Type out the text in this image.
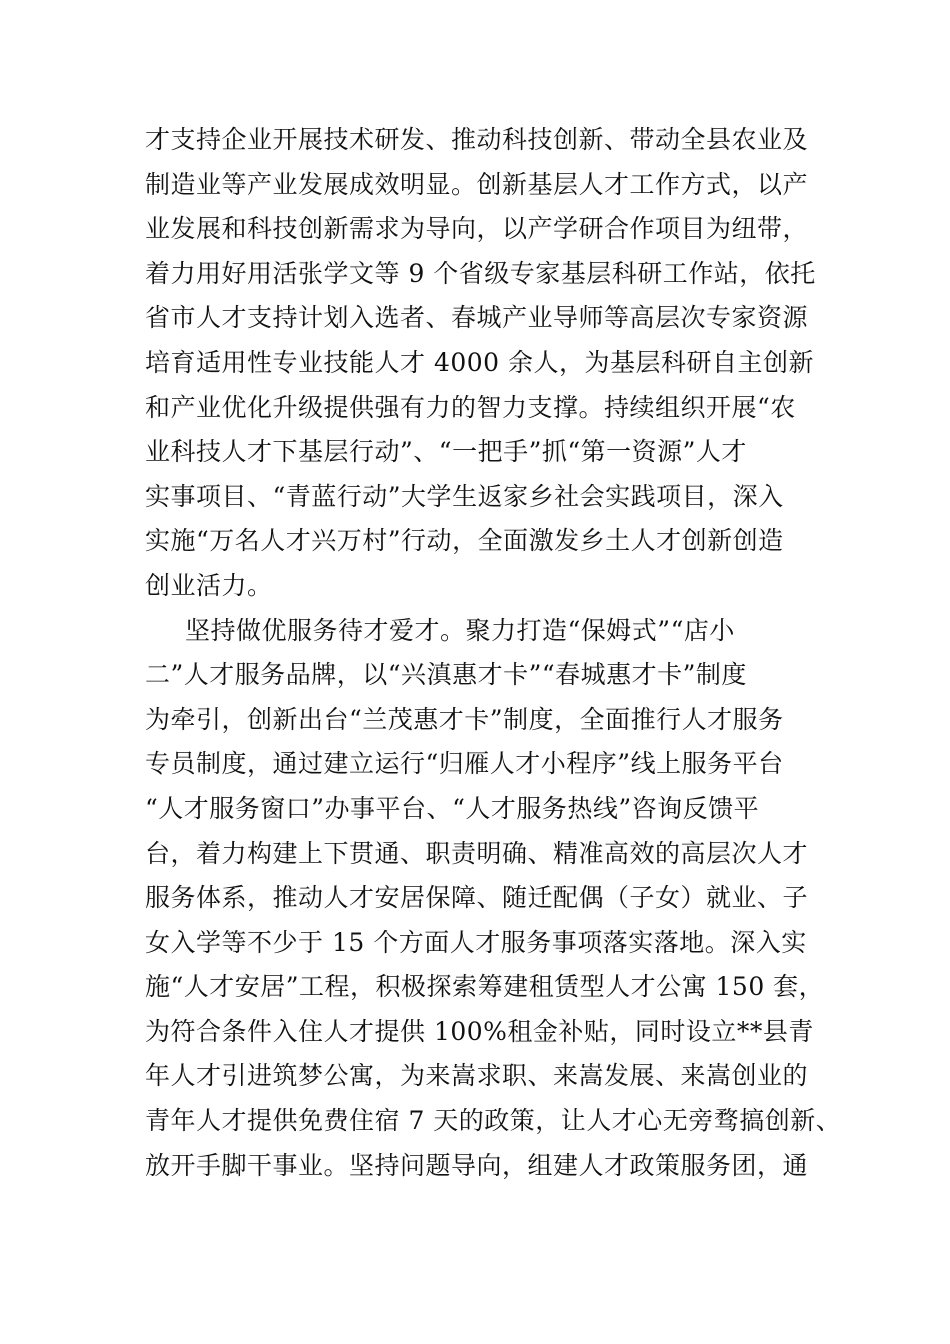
才支持企业开展技术研发、推动科技创新、带动全县农业及
制造业等产业发展成效明显。创新基层人才工作方式，以产
业发展和科技创新需求为导向，以产学研合作项目为纽带，
着力用好用活张学文等 9 个省级专家基层科研工作站，依托
省市人才支持计划入选者、春城产业导师等高层次专家资源
培育适用性专业技能人才 4000 余人，为基层科研自主创新
和产业优化升级提供强有力的智力支撑。持续组织开展“农
业科技人才下基层行动”、“一把手”抓“第一资源”人才
实事项目、“青蓝行动”大学生返家乡社会实践项目，深入
实施“万名人才兴万村”行动，全面激发乡土人才创新创造
创业活力。
坚持做优服务待才爱才。聚力打造“保姆式”“店小
二”人才服务品牌，以“兴滇惠才卡”“春城惠才卡”制度
为牵引，创新出台“兰茂惠才卡”制度，全面推行人才服务
专员制度，通过建立运行“归雁人才小程序”线上服务平台
“人才服务窗口”办事平台、“人才服务热线”咨询反馈平
台，着力构建上下贯通、职责明确、精准高效的高层次人才
服务体系，推动人才安居保障、随迁配偶（子女）就业、子
女入学等不少于 15 个方面人才服务事项落实落地。深入实
施“人才安居”工程，积极探索筹建租赁型人才公寓 150 套，
为符合条件入住人才提供 100%租金补贴，同时设立**县青
年人才引进筑梦公寓，为来嵩求职、来嵩发展、来嵩创业的
青年人才提供免费住宿 7 天的政策，让人才心无旁骛搞创新、
放开手脚干事业。坚持问题导向，组建人才政策服务团，通
